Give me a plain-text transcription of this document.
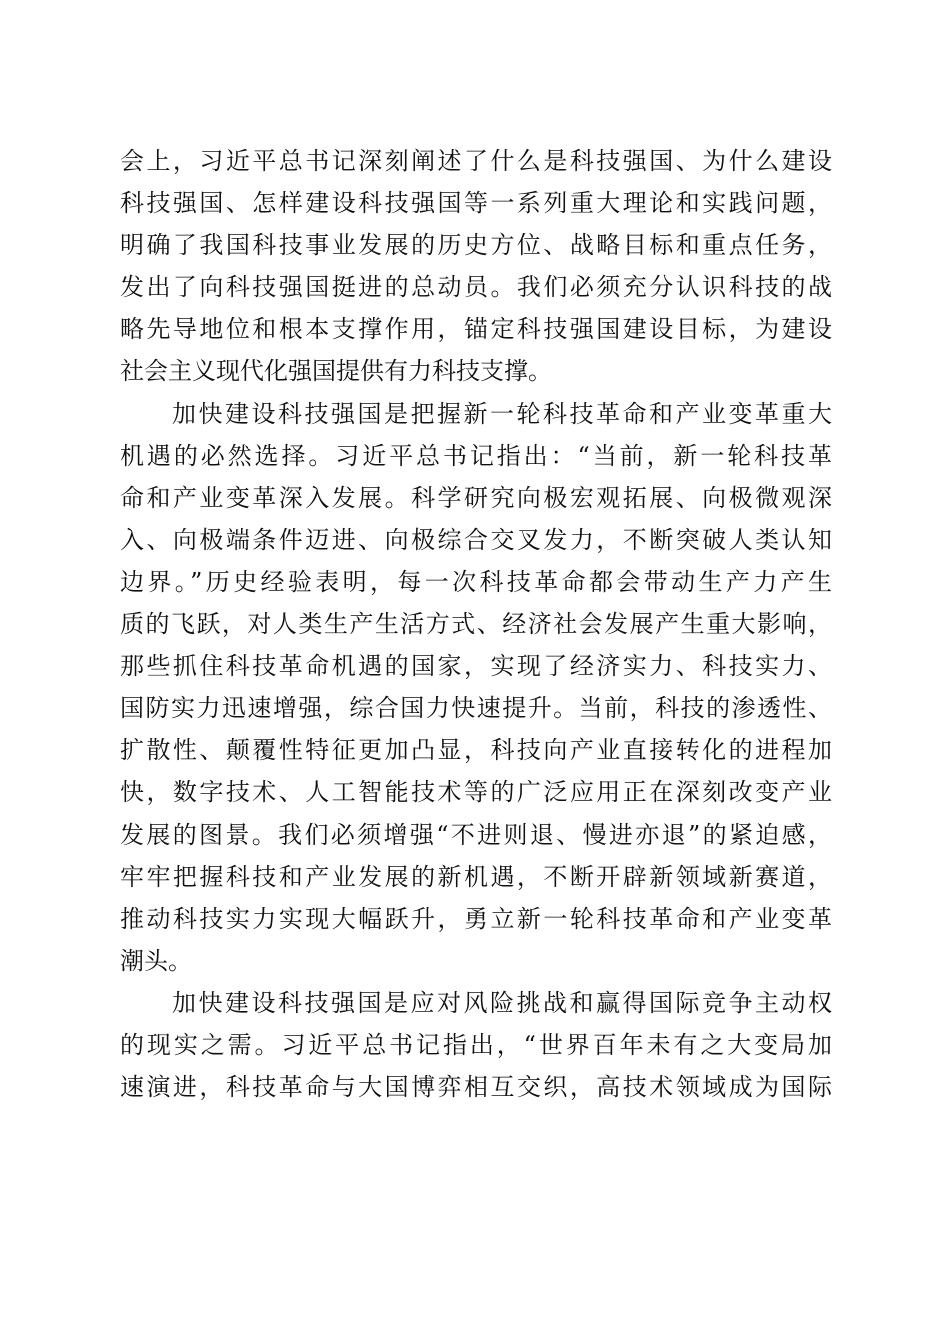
会上，习近平总书记深刻阐述了什么是科技强国、为什么建设
科技强国、怎样建设科技强国等一系列重大理论和实践问题，
明确了我国科技事业发展的历史方位、战略目标和重点任务，
发出了向科技强国挺进的总动员。我们必须充分认识科技的战
略先导地位和根本支撑作用，锚定科技强国建设目标，为建设
社会主义现代化强国提供有力科技支撑。
加快建设科技强国是把握新一轮科技革命和产业变革重大
机遇的必然选择。习近平总书记指出：“当前，新一轮科技革
命和产业变革深入发展。科学研究向极宏观拓展、向极微观深
入、向极端条件迈进、向极综合交叉发力，不断突破人类认知
边界。”历史经验表明，每一次科技革命都会带动生产力产生
质的飞跃，对人类生产生活方式、经济社会发展产生重大影响，
那些抓住科技革命机遇的国家，实现了经济实力、科技实力、
国防实力迅速增强，综合国力快速提升。当前，科技的渗透性、
扩散性、颠覆性特征更加凸显，科技向产业直接转化的进程加
快，数字技术、人工智能技术等的广泛应用正在深刻改变产业
发展的图景。我们必须增强“不进则退、慢进亦退”的紧迫感，
牢牢把握科技和产业发展的新机遇，不断开辟新领域新赛道，
推动科技实力实现大幅跃升，勇立新一轮科技革命和产业变革
潮头。
加快建设科技强国是应对风险挑战和赢得国际竞争主动权
的现实之需。习近平总书记指出，“世界百年未有之大变局加
速演进，科技革命与大国博弈相互交织，高技术领域成为国际
